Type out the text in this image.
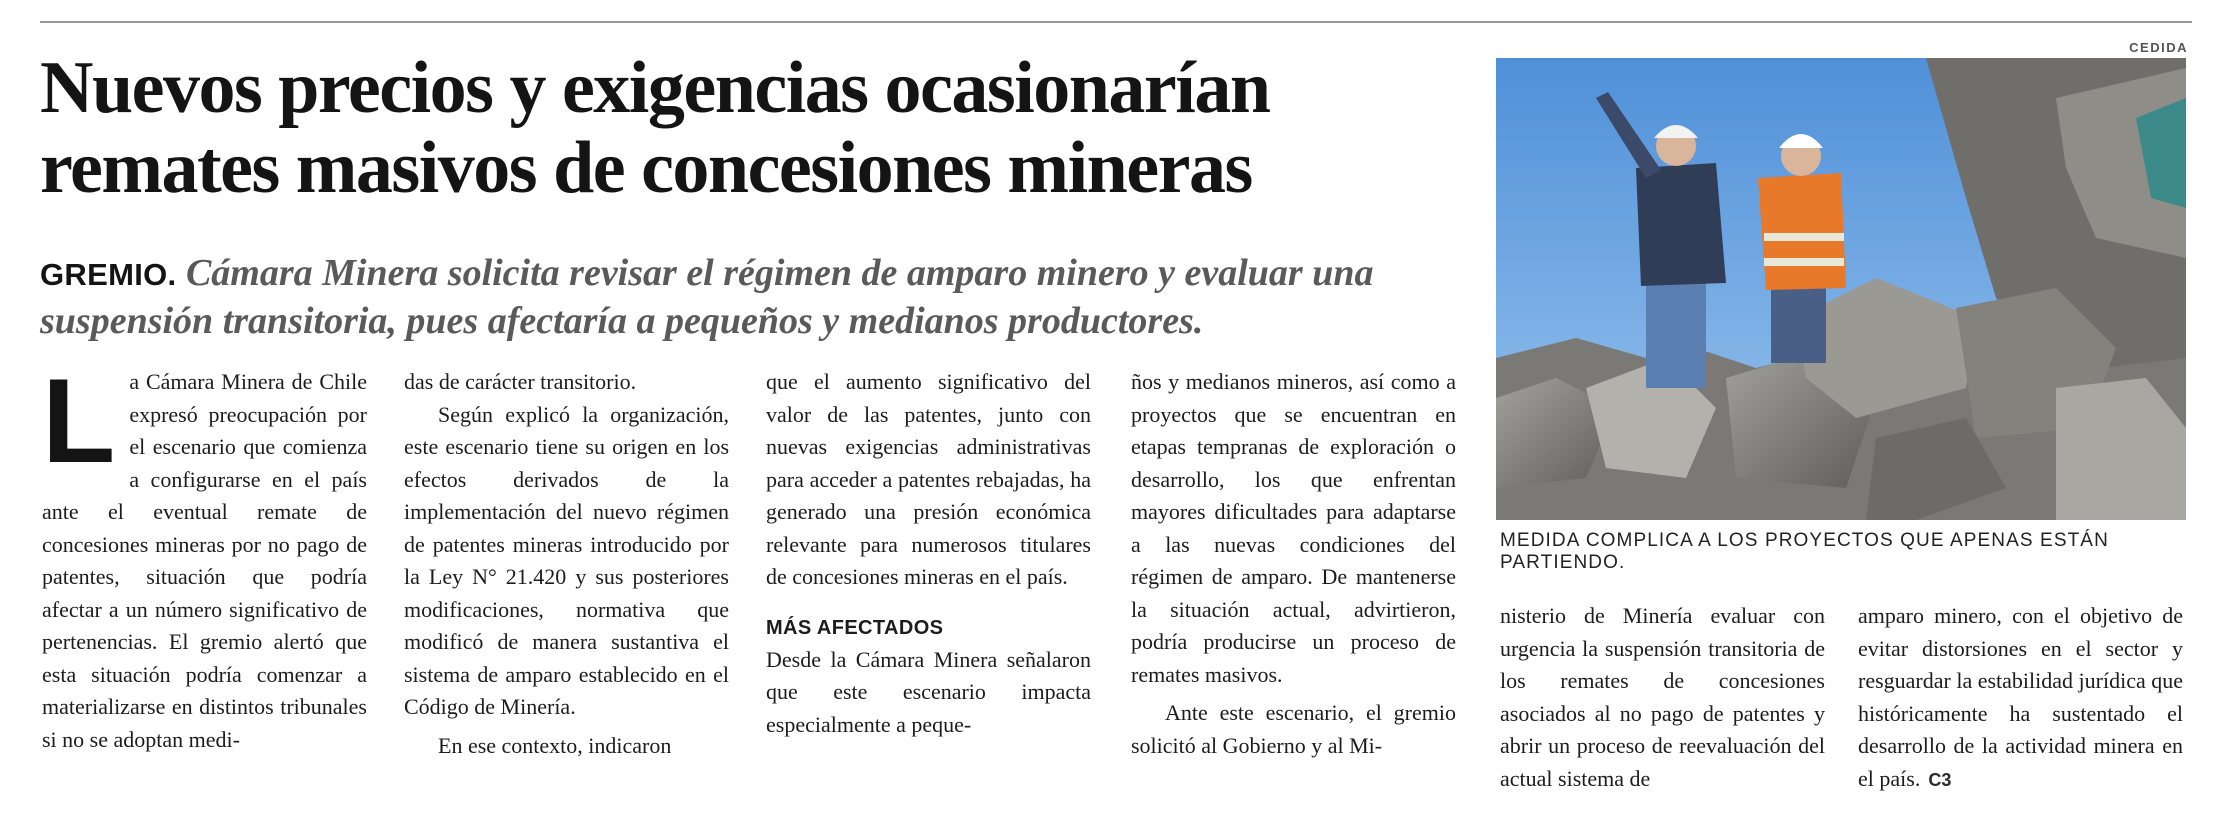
Nuevos precios y exigencias ocasionarían
remates masivos de concesiones mineras
GREMIO. Cámara Minera solicita revisar el régimen de amparo minero y evaluar una suspensión transitoria, pues afectaría a pequeños y medianos productores.
L a Cámara Minera de Chile expresó preocupación por el escenario que comienza a configurarse en el país ante el eventual remate de concesiones mineras por no pago de patentes, situación que podría afectar a un número significativo de pertenencias. El gremio alertó que esta situación podría comenzar a materializarse en distintos tribunales si no se adoptan medi-

das de carácter transitorio.

Según explicó la organización, este escenario tiene su origen en los efectos derivados de la implementación del nuevo régimen de patentes mineras introducido por la Ley N° 21.420 y sus posteriores modificaciones, normativa que modificó de manera sustantiva el sistema de amparo establecido en el Código de Minería.

En ese contexto, indicaron

que el aumento significativo del valor de las patentes, junto con nuevas exigencias administrativas para acceder a patentes rebajadas, ha generado una presión económica relevante para numerosos titulares de concesiones mineras en el país.

MÁS AFECTADOS

Desde la Cámara Minera señalaron que este escenario impacta especialmente a peque-

ños y medianos mineros, así como a proyectos que se encuentran en etapas tempranas de exploración o desarrollo, los que enfrentan mayores dificultades para adaptarse a las nuevas condiciones del régimen de amparo. De mantenerse la situación actual, advirtieron, podría producirse un proceso de remates masivos.

Ante este escenario, el gremio solicitó al Gobierno y al Mi-

CEDIDA
MEDIDA COMPLICA A LOS PROYECTOS QUE APENAS ESTÁN PARTIENDO.

nisterio de Minería evaluar con urgencia la suspensión transitoria de los remates de concesiones asociados al no pago de patentes y abrir un proceso de reevaluación del actual sistema de

amparo minero, con el objetivo de evitar distorsiones en el sector y resguardar la estabilidad jurídica que históricamente ha sustentado el desarrollo de la actividad minera en el país. C3
